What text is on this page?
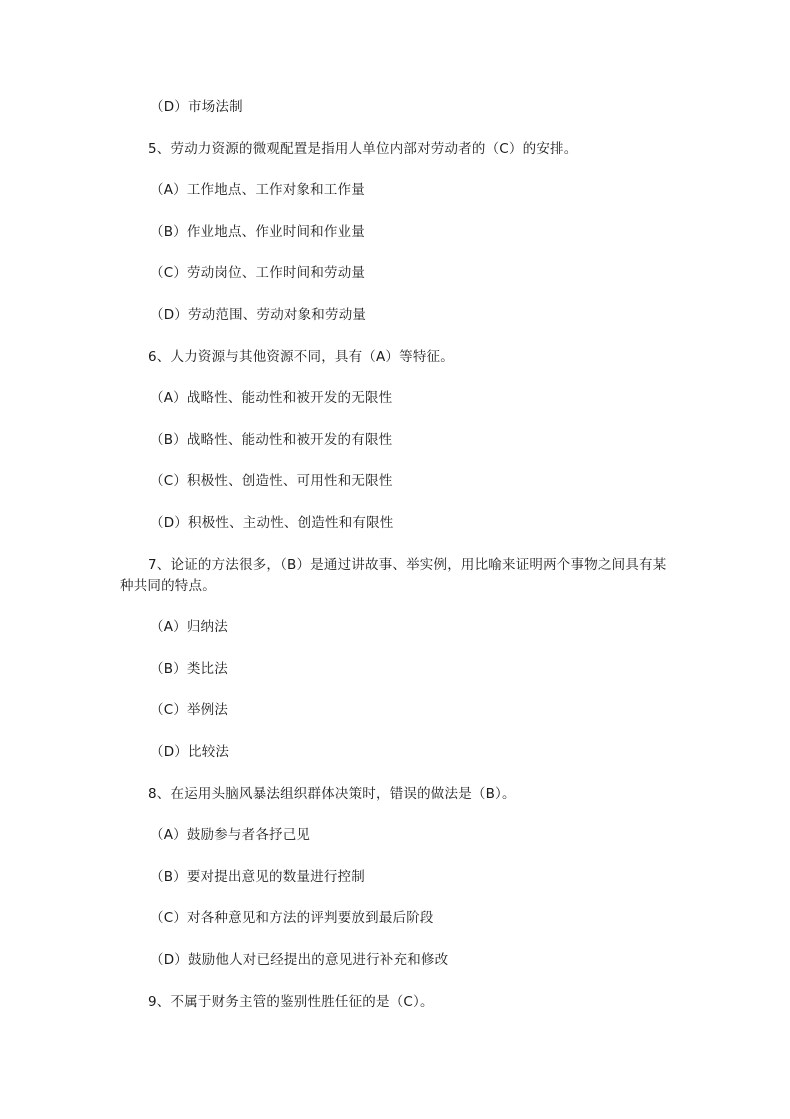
（D）市场法制
5、劳动力资源的微观配置是指用人单位内部对劳动者的（C）的安排。
（A）工作地点、工作对象和工作量
（B）作业地点、作业时间和作业量
（C）劳动岗位、工作时间和劳动量
（D）劳动范围、劳动对象和劳动量
6、人力资源与其他资源不同，具有（A）等特征。
（A）战略性、能动性和被开发的无限性
（B）战略性、能动性和被开发的有限性
（C）积极性、创造性、可用性和无限性
（D）积极性、主动性、创造性和有限性
7、论证的方法很多，（B）是通过讲故事、举实例，用比喻来证明两个事物之间具有某种共同的特点。
（A）归纳法
（B）类比法
（C）举例法
（D）比较法
8、在运用头脑风暴法组织群体决策时，错误的做法是（B）。
（A）鼓励参与者各抒己见
（B）要对提出意见的数量进行控制
（C）对各种意见和方法的评判要放到最后阶段
（D）鼓励他人对已经提出的意见进行补充和修改
9、不属于财务主管的鉴别性胜任征的是（C）。
